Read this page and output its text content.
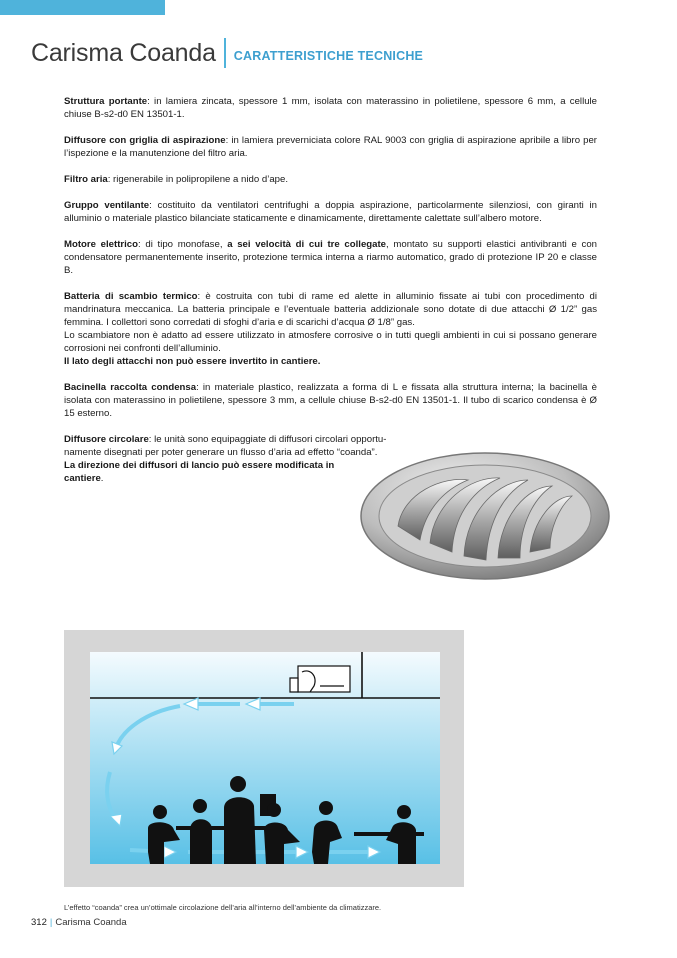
Carisma Coanda CARATTERISTICHE TECNICHE

Struttura portante: in lamiera zincata, spessore 1 mm, isolata con materassino in polietilene, spessore 6 mm, a cellule chiuse B-s2-d0 EN 13501-1.

Diffusore con griglia di aspirazione: in lamiera preverniciata colore RAL 9003 con griglia di aspirazione apribile a libro per l’ispezione e la manutenzione del filtro aria.

Filtro aria: rigenerabile in polipropilene a nido d’ape.

Gruppo ventilante: costituito da ventilatori centrifughi a doppia aspirazione, particolarmente silenziosi, con giranti in alluminio o materiale plastico bilanciate staticamente e dinamicamente, direttamente calettate sull’albero motore.

Motore elettrico: di tipo monofase, a sei velocità di cui tre collegate, montato su supporti elastici antivibranti e con condensatore permanentemente inserito, protezione termica interna a riarmo automatico, grado di protezione IP 20 e classe B.

Batteria di scambio termico: è costruita con tubi di rame ed alette in alluminio fissate ai tubi con procedimento di mandrinatura meccanica. La batteria principale e l’eventuale batteria addizionale sono dotate di due attacchi Ø 1/2” gas femmina. I collettori sono corredati di sfoghi d’aria e di scarichi d’acqua Ø 1/8” gas.
Lo scambiatore non è adatto ad essere utilizzato in atmosfere corrosive o in tutti quegli ambienti in cui si possano generare corrosioni nei confronti dell’alluminio.
Il lato degli attacchi non può essere invertito in cantiere.

Bacinella raccolta condensa: in materiale plastico, realizzata a forma di L e fissata alla struttura interna; la bacinella è isolata con materassino in polietilene, spessore 3 mm, a cellule chiuse B-s2-d0 EN 13501-1. Il tubo di scarico condensa è Ø 15 esterno.

Diffusore circolare: le unità sono equipaggiate di diffusori circolari opportu-
namente disegnati per poter generare un flusso d’aria ad effetto “coanda”.
La direzione dei diffusori di lancio può essere modificata in
cantiere.

L’effetto “coanda” crea un’ottimale circolazione dell’aria all’interno dell’ambiente da climatizzare.
312 | Carisma Coanda
